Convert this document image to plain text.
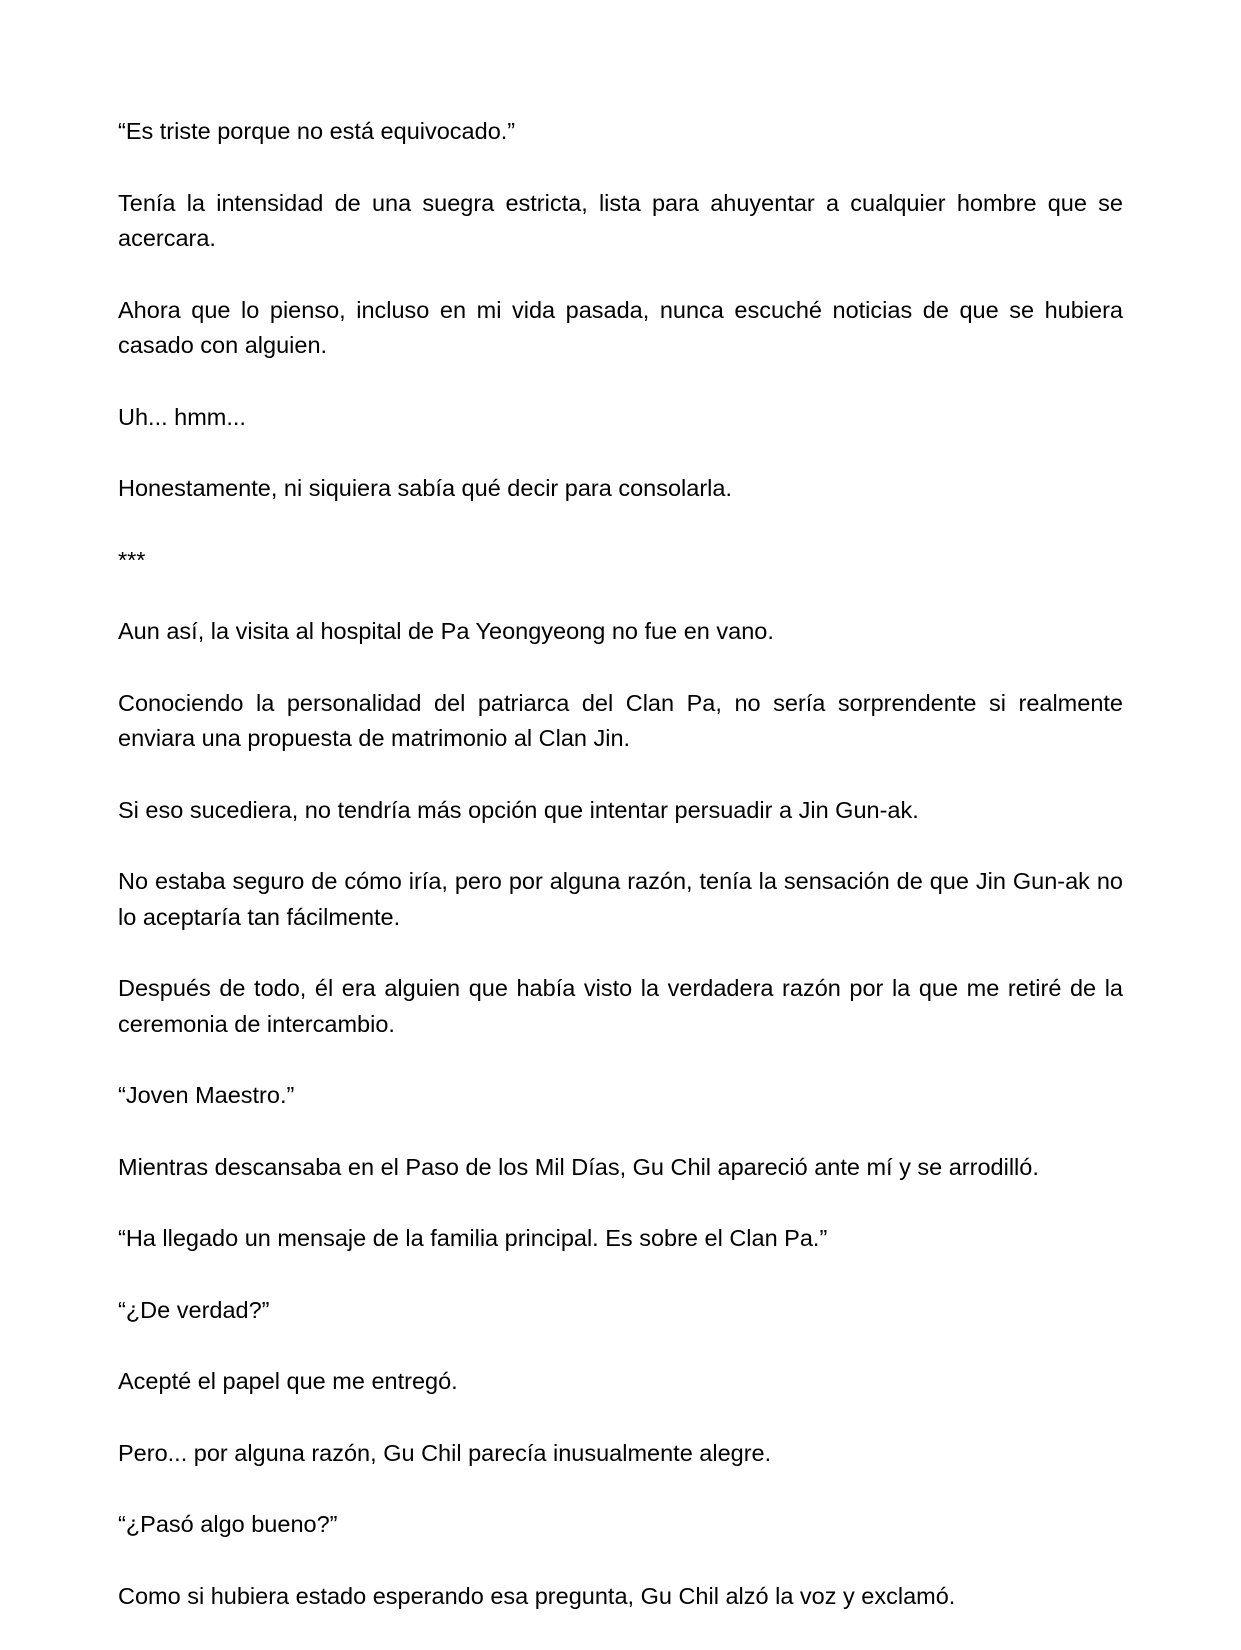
“Es triste porque no está equivocado.”

Tenía la intensidad de una suegra estricta, lista para ahuyentar a cualquier hombre que se acercara.

Ahora que lo pienso, incluso en mi vida pasada, nunca escuché noticias de que se hubiera casado con alguien.

Uh... hmm...

Honestamente, ni siquiera sabía qué decir para consolarla.

***

Aun así, la visita al hospital de Pa Yeongyeong no fue en vano.

Conociendo la personalidad del patriarca del Clan Pa, no sería sorprendente si realmente enviara una propuesta de matrimonio al Clan Jin.

Si eso sucediera, no tendría más opción que intentar persuadir a Jin Gun-ak.

No estaba seguro de cómo iría, pero por alguna razón, tenía la sensación de que Jin Gun-ak no lo aceptaría tan fácilmente.

Después de todo, él era alguien que había visto la verdadera razón por la que me retiré de la ceremonia de intercambio.

“Joven Maestro.”

Mientras descansaba en el Paso de los Mil Días, Gu Chil apareció ante mí y se arrodilló.

“Ha llegado un mensaje de la familia principal. Es sobre el Clan Pa.”

“¿De verdad?”

Acepté el papel que me entregó.

Pero... por alguna razón, Gu Chil parecía inusualmente alegre.

“¿Pasó algo bueno?”

Como si hubiera estado esperando esa pregunta, Gu Chil alzó la voz y exclamó.
